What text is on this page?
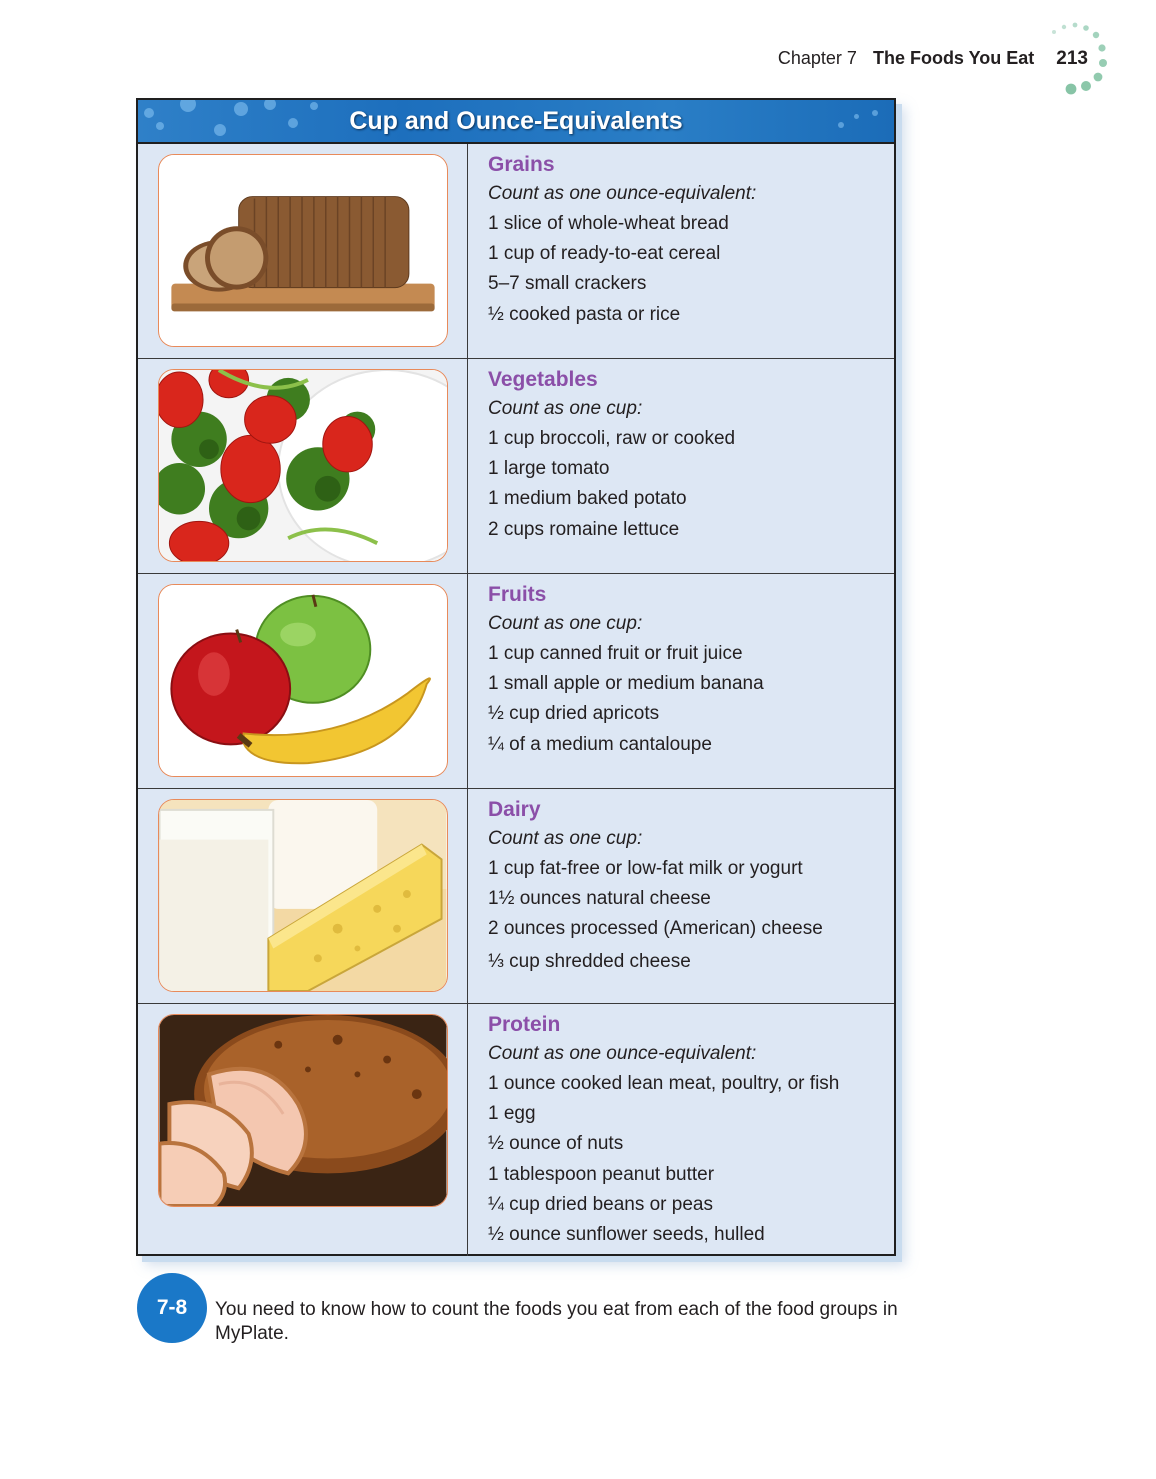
Chapter 7 The Foods You Eat 213
Cup and Ounce-Equivalents
Grains
Count as one ounce-equivalent:
1 slice of whole-wheat bread
1 cup of ready-to-eat cereal
5–7 small crackers
½ cooked pasta or rice
Vegetables
Count as one cup:
1 cup broccoli, raw or cooked
1 large tomato
1 medium baked potato
2 cups romaine lettuce
Fruits
Count as one cup:
1 cup canned fruit or fruit juice
1 small apple or medium banana
½ cup dried apricots
¼ of a medium cantaloupe
Dairy
Count as one cup:
1 cup fat-free or low-fat milk or yogurt
1½ ounces natural cheese
2 ounces processed (American) cheese
⅓ cup shredded cheese
Protein
Count as one ounce-equivalent:
1 ounce cooked lean meat, poultry, or fish
1 egg
½ ounce of nuts
1 tablespoon peanut butter
¼ cup dried beans or peas
½ ounce sunflower seeds, hulled
7-8	You need to know how to count the foods you eat from each of the food groups in MyPlate.
